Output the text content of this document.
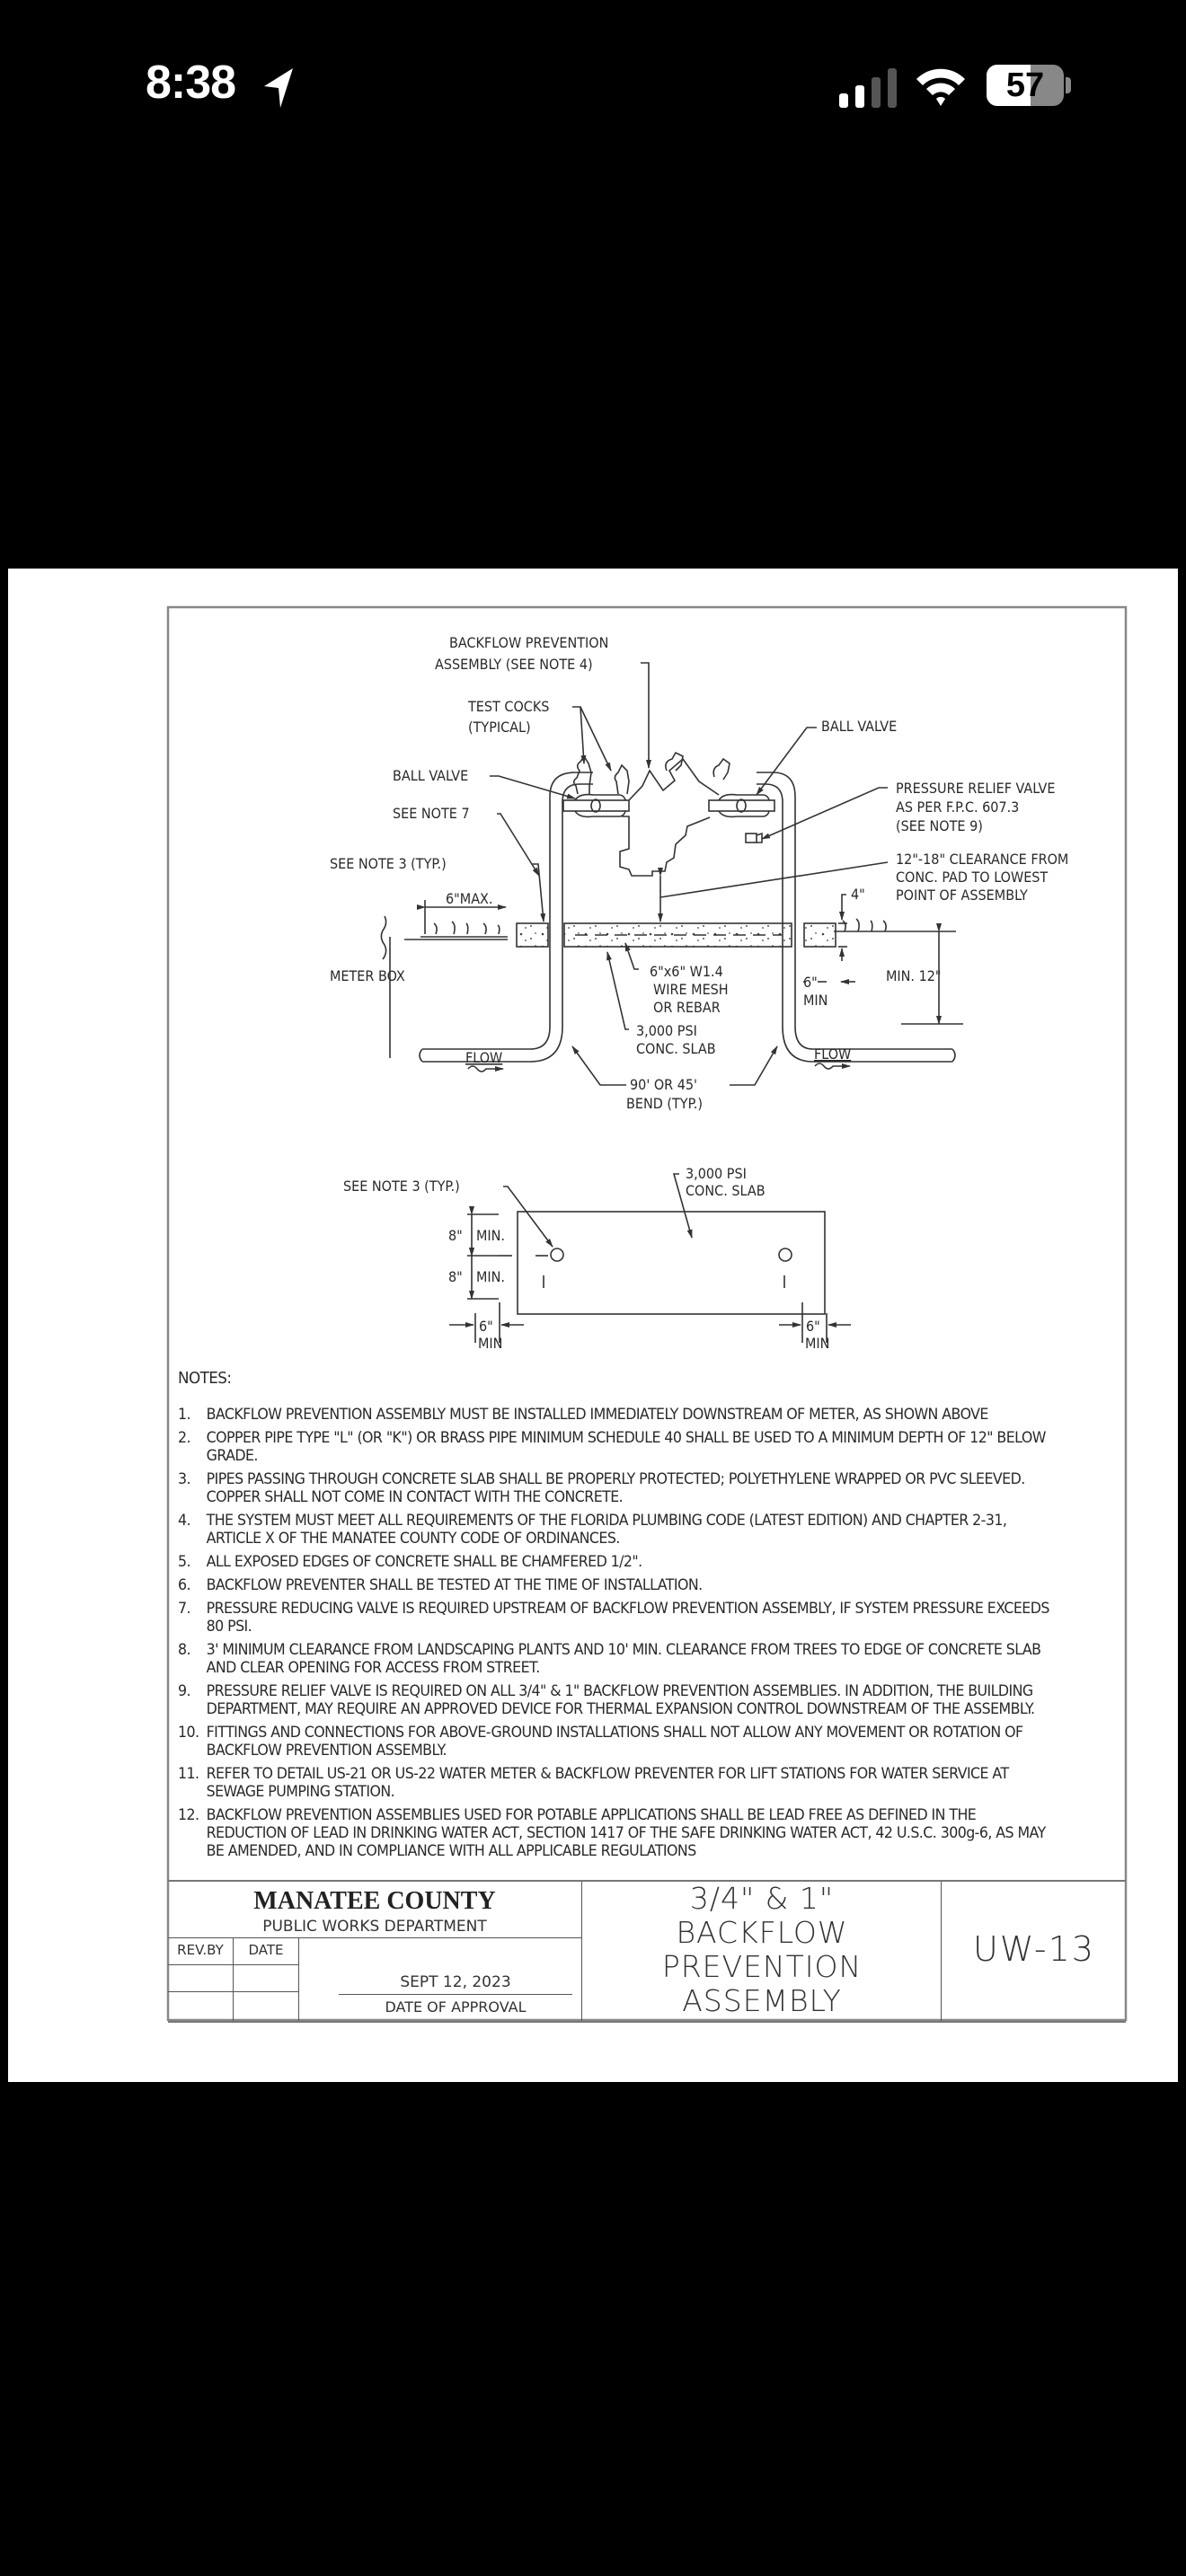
8:38	57
BACKFLOW PREVENTION
ASSEMBLY (SEE NOTE 4)
TEST COCKS
(TYPICAL)	BALL VALVE
BALL VALVE
SEE NOTE 7
SEE NOTE 3 (TYP.)
6"MAX.
METER BOX
PRESSURE RELIEF VALVE
AS PER F.P.C. 607.3
(SEE NOTE 9)
12"-18" CLEARANCE FROM
CONC. PAD TO LOWEST
POINT OF ASSEMBLY
4"
6"x6" W1.4
WIRE MESH
OR REBAR
6"
MIN
MIN. 12"
3,000 PSI
CONC. SLAB
FLOW	FLOW
90' OR 45'
BEND (TYP.)
SEE NOTE 3 (TYP.)
3,000 PSI
CONC. SLAB
8" MIN.
8" MIN.
6"
MIN
6"
MIN
NOTES:
1.	BACKFLOW PREVENTION ASSEMBLY MUST BE INSTALLED IMMEDIATELY DOWNSTREAM OF METER, AS SHOWN ABOVE
2.	COPPER PIPE TYPE "L" (OR "K") OR BRASS PIPE MINIMUM SCHEDULE 40 SHALL BE USED TO A MINIMUM DEPTH OF 12" BELOW GRADE.
3.	PIPES PASSING THROUGH CONCRETE SLAB SHALL BE PROPERLY PROTECTED; POLYETHYLENE WRAPPED OR PVC SLEEVED. COPPER SHALL NOT COME IN CONTACT WITH THE CONCRETE.
4.	THE SYSTEM MUST MEET ALL REQUIREMENTS OF THE FLORIDA PLUMBING CODE (LATEST EDITION) AND CHAPTER 2-31, ARTICLE X OF THE MANATEE COUNTY CODE OF ORDINANCES.
5.	ALL EXPOSED EDGES OF CONCRETE SHALL BE CHAMFERED 1/2".
6.	BACKFLOW PREVENTER SHALL BE TESTED AT THE TIME OF INSTALLATION.
7.	PRESSURE REDUCING VALVE IS REQUIRED UPSTREAM OF BACKFLOW PREVENTION ASSEMBLY, IF SYSTEM PRESSURE EXCEEDS 80 PSI.
8.	3' MINIMUM CLEARANCE FROM LANDSCAPING PLANTS AND 10' MIN. CLEARANCE FROM TREES TO EDGE OF CONCRETE SLAB AND CLEAR OPENING FOR ACCESS FROM STREET.
9.	PRESSURE RELIEF VALVE IS REQUIRED ON ALL 3/4" & 1" BACKFLOW PREVENTION ASSEMBLIES. IN ADDITION, THE BUILDING DEPARTMENT, MAY REQUIRE AN APPROVED DEVICE FOR THERMAL EXPANSION CONTROL DOWNSTREAM OF THE ASSEMBLY.
10. FITTINGS AND CONNECTIONS FOR ABOVE-GROUND INSTALLATIONS SHALL NOT ALLOW ANY MOVEMENT OR ROTATION OF BACKFLOW PREVENTION ASSEMBLY.
11. REFER TO DETAIL US-21 OR US-22 WATER METER & BACKFLOW PREVENTER FOR LIFT STATIONS FOR WATER SERVICE AT SEWAGE PUMPING STATION.
12. BACKFLOW PREVENTION ASSEMBLIES USED FOR POTABLE APPLICATIONS SHALL BE LEAD FREE AS DEFINED IN THE REDUCTION OF LEAD IN DRINKING WATER ACT, SECTION 1417 OF THE SAFE DRINKING WATER ACT, 42 U.S.C. 300g-6, AS MAY BE AMENDED, AND IN COMPLIANCE WITH ALL APPLICABLE REGULATIONS
MANATEE COUNTY
PUBLIC WORKS DEPARTMENT
REV.BY	DATE
SEPT 12, 2023
DATE OF APPROVAL
3/4" & 1"
BACKFLOW
PREVENTION
ASSEMBLY
UW-13
